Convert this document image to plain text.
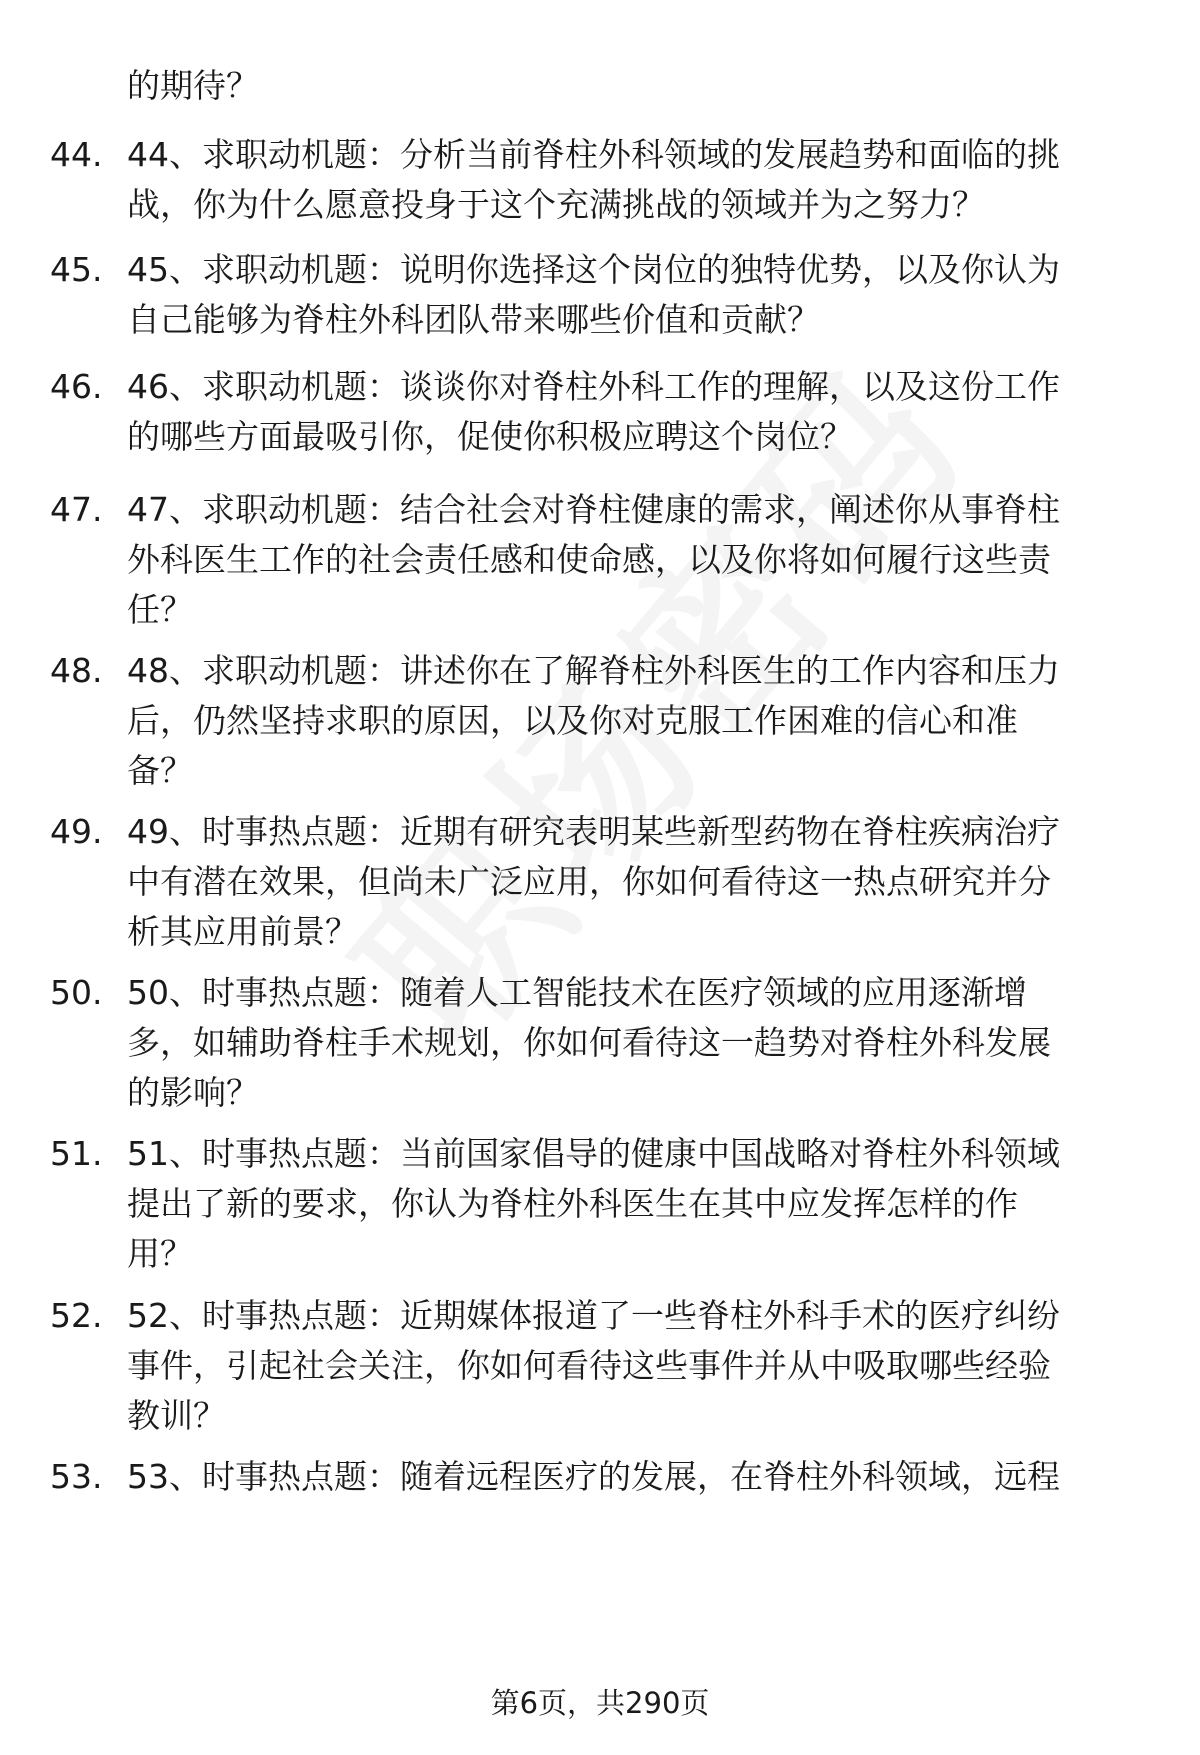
的期待？
44. 44、求职动机题：分析当前脊柱外科领域的发展趋势和面临的挑
战，你为什么愿意投身于这个充满挑战的领域并为之努力？
45. 45、求职动机题：说明你选择这个岗位的独特优势，以及你认为
自己能够为脊柱外科团队带来哪些价值和贡献？
46. 46、求职动机题：谈谈你对脊柱外科工作的理解，以及这份工作
的哪些方面最吸引你，促使你积极应聘这个岗位？
47. 47、求职动机题：结合社会对脊柱健康的需求，阐述你从事脊柱
外科医生工作的社会责任感和使命感，以及你将如何履行这些责
任？
48. 48、求职动机题：讲述你在了解脊柱外科医生的工作内容和压力
后，仍然坚持求职的原因，以及你对克服工作困难的信心和准
备？
49. 49、时事热点题：近期有研究表明某些新型药物在脊柱疾病治疗
中有潜在效果，但尚未广泛应用，你如何看待这一热点研究并分
析其应用前景？
50. 50、时事热点题：随着人工智能技术在医疗领域的应用逐渐增
多，如辅助脊柱手术规划，你如何看待这一趋势对脊柱外科发展
的影响？
51. 51、时事热点题：当前国家倡导的健康中国战略对脊柱外科领域
提出了新的要求，你认为脊柱外科医生在其中应发挥怎样的作
用？
52. 52、时事热点题：近期媒体报道了一些脊柱外科手术的医疗纠纷
事件，引起社会关注，你如何看待这些事件并从中吸取哪些经验
教训？
53. 53、时事热点题：随着远程医疗的发展，在脊柱外科领域，远程
第6页，共290页
